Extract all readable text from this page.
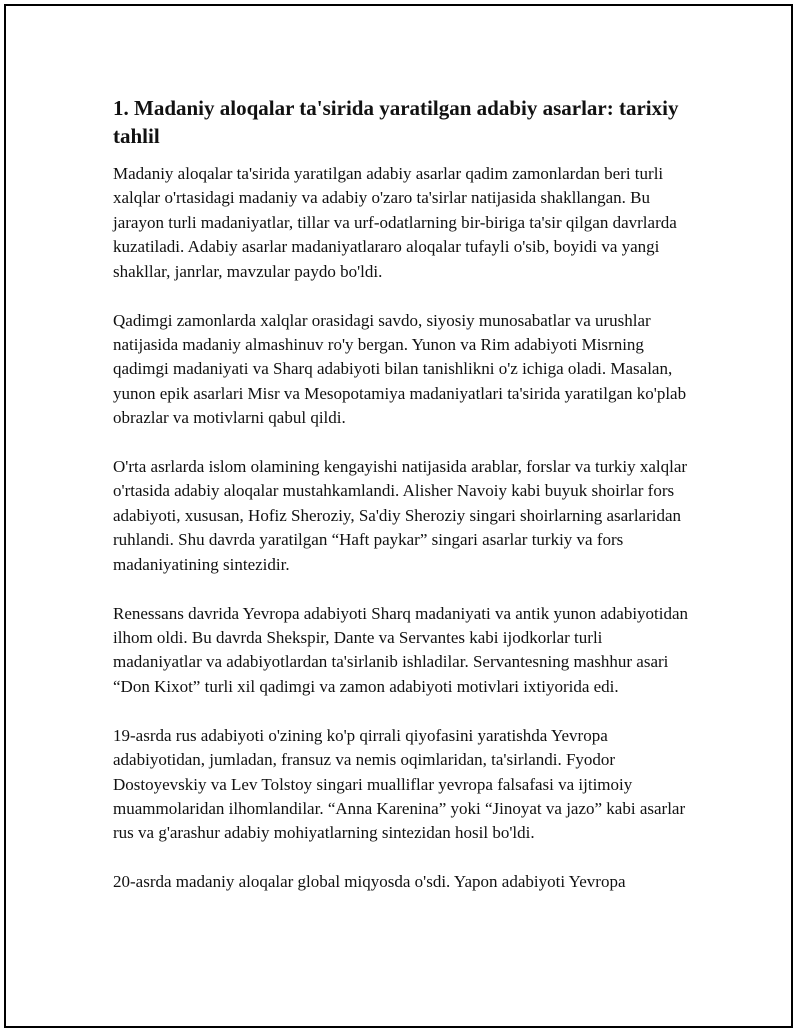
1. Madaniy aloqalar ta'sirida yaratilgan adabiy asarlar: tarixiy tahlil

Madaniy aloqalar ta'sirida yaratilgan adabiy asarlar qadim zamonlardan beri turli xalqlar o'rtasidagi madaniy va adabiy o'zaro ta'sirlar natijasida shakllangan. Bu jarayon turli madaniyatlar, tillar va urf-odatlarning bir-biriga ta'sir qilgan davrlarda kuzatiladi. Adabiy asarlar madaniyatlararo aloqalar tufayli o'sib, boyidi va yangi shakllar, janrlar, mavzular paydo bo'ldi.

Qadimgi zamonlarda xalqlar orasidagi savdo, siyosiy munosabatlar va urushlar natijasida madaniy almashinuv ro'y bergan. Yunon va Rim adabiyoti Misrning qadimgi madaniyati va Sharq adabiyoti bilan tanishlikni o'z ichiga oladi. Masalan, yunon epik asarlari Misr va Mesopotamiya madaniyatlari ta'sirida yaratilgan ko'plab obrazlar va motivlarni qabul qildi.

O'rta asrlarda islom olamining kengayishi natijasida arablar, forslar va turkiy xalqlar o'rtasida adabiy aloqalar mustahkamlandi. Alisher Navoiy kabi buyuk shoirlar fors adabiyoti, xususan, Hofiz Sheroziy, Sa'diy Sheroziy singari shoirlarning asarlaridan ruhlandi. Shu davrda yaratilgan “Haft paykar” singari asarlar turkiy va fors madaniyatining sintezidir.

Renessans davrida Yevropa adabiyoti Sharq madaniyati va antik yunon adabiyotidan ilhom oldi. Bu davrda Shekspir, Dante va Servantes kabi ijodkorlar turli madaniyatlar va adabiyotlardan ta'sirlanib ishladilar. Servantesning mashhur asari “Don Kixot” turli xil qadimgi va zamon adabiyoti motivlari ixtiyorida edi.

19-asrda rus adabiyoti o'zining ko'p qirrali qiyofasini yaratishda Yevropa adabiyotidan, jumladan, fransuz va nemis oqimlaridan, ta'sirlandi. Fyodor Dostoyevskiy va Lev Tolstoy singari mualliflar yevropa falsafasi va ijtimoiy muammolaridan ilhomlandilar. “Anna Karenina” yoki “Jinoyat va jazo” kabi asarlar rus va g'arashur adabiy mohiyatlarning sintezidan hosil bo'ldi.

20-asrda madaniy aloqalar global miqyosda o'sdi. Yapon adabiyoti Yevropa
